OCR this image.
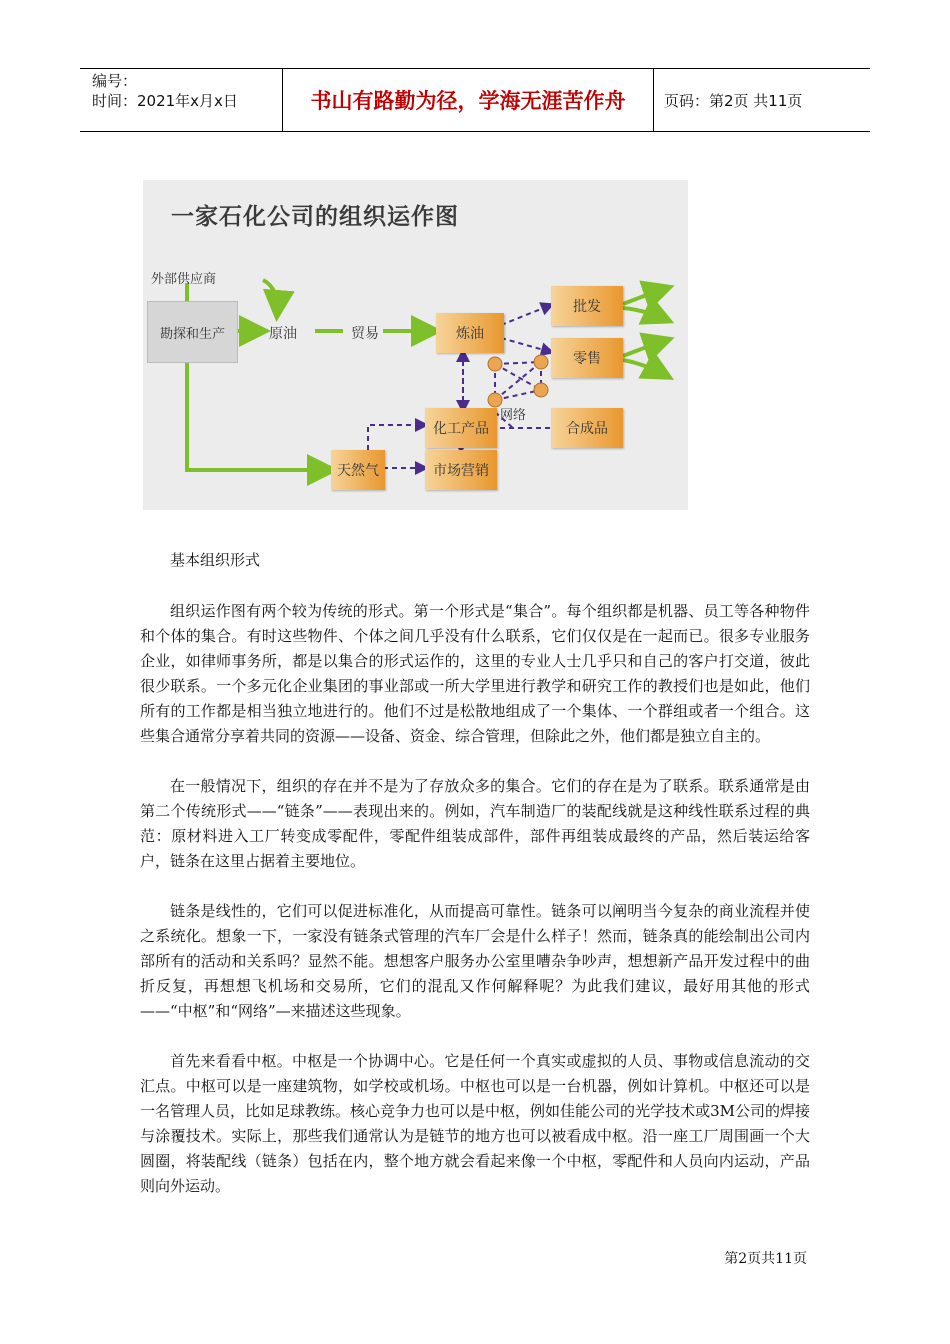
编号：
时间：2021年x月x日	书山有路勤为径，学海无涯苦作舟	页码：第2页 共11页
一家石化公司的组织运作图
外部供应商
勘探和生产	原油	贸易	炼油
批发
零售
网络
化工产品	合成品
天然气	市场营销
基本组织形式

组织运作图有两个较为传统的形式。第一个形式是“集合”。每个组织都是机器、员工等各种物件和个体的集合。有时这些物件、个体之间几乎没有什么联系，它们仅仅是在一起而已。很多专业服务企业，如律师事务所，都是以集合的形式运作的，这里的专业人士几乎只和自己的客户打交道，彼此很少联系。一个多元化企业集团的事业部或一所大学里进行教学和研究工作的教授们也是如此，他们所有的工作都是相当独立地进行的。他们不过是松散地组成了一个集体、一个群组或者一个组合。这些集合通常分享着共同的资源——设备、资金、综合管理，但除此之外，他们都是独立自主的。

在一般情况下，组织的存在并不是为了存放众多的集合。它们的存在是为了联系。联系通常是由第二个传统形式——“链条”——表现出来的。例如，汽车制造厂的装配线就是这种线性联系过程的典范：原材料进入工厂转变成零配件，零配件组装成部件，部件再组装成最终的产品，然后装运给客户，链条在这里占据着主要地位。

链条是线性的，它们可以促进标准化，从而提高可靠性。链条可以阐明当今复杂的商业流程并使之系统化。想象一下，一家没有链条式管理的汽车厂会是什么样子！然而，链条真的能绘制出公司内部所有的活动和关系吗？显然不能。想想客户服务办公室里嘈杂争吵声，想想新产品开发过程中的曲折反复，再想想飞机场和交易所，它们的混乱又作何解释呢？为此我们建议，最好用其他的形式——“中枢”和“网络”—来描述这些现象。

首先来看看中枢。中枢是一个协调中心。它是任何一个真实或虚拟的人员、事物或信息流动的交汇点。中枢可以是一座建筑物，如学校或机场。中枢也可以是一台机器，例如计算机。中枢还可以是一名管理人员，比如足球教练。核心竞争力也可以是中枢，例如佳能公司的光学技术或3M公司的焊接与涂覆技术。实际上，那些我们通常认为是链节的地方也可以被看成中枢。沿一座工厂周围画一个大圆圈，将装配线（链条）包括在内，整个地方就会看起来像一个中枢，零配件和人员向内运动，产品则向外运动。

第2页共11页
